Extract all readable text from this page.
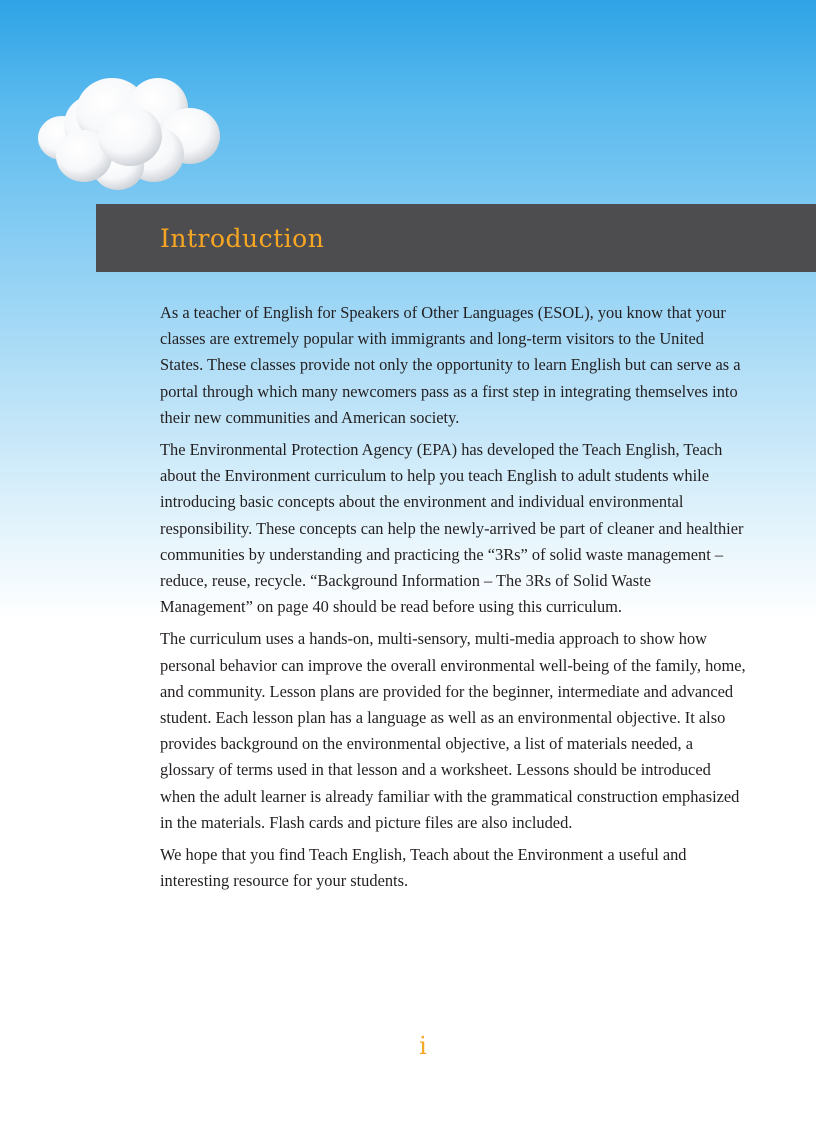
Introduction

As a teacher of English for Speakers of Other Languages (ESOL), you know that your classes are extremely popular with immigrants and long-term visitors to the United States. These classes provide not only the opportunity to learn English but can serve as a portal through which many newcomers pass as a first step in integrating themselves into their new communities and American society.

The Environmental Protection Agency (EPA) has developed the Teach English, Teach about the Environment curriculum to help you teach English to adult students while introducing basic concepts about the environment and individual environmental responsibility. These concepts can help the newly-arrived be part of cleaner and healthier communities by understanding and practicing the “3Rs” of solid waste management – reduce, reuse, recycle. “Background Information – The 3Rs of Solid Waste Management” on page 40 should be read before using this curriculum.

The curriculum uses a hands-on, multi-sensory, multi-media approach to show how personal behavior can improve the overall environmental well-being of the family, home, and community. Lesson plans are provided for the beginner, intermediate and advanced student. Each lesson plan has a language as well as an environmental objective. It also provides background on the environmental objective, a list of materials needed, a glossary of terms used in that lesson and a worksheet. Lessons should be introduced when the adult learner is already familiar with the grammatical construction emphasized in the materials. Flash cards and picture files are also included.

We hope that you find Teach English, Teach about the Environment a useful and interesting resource for your students.

i
